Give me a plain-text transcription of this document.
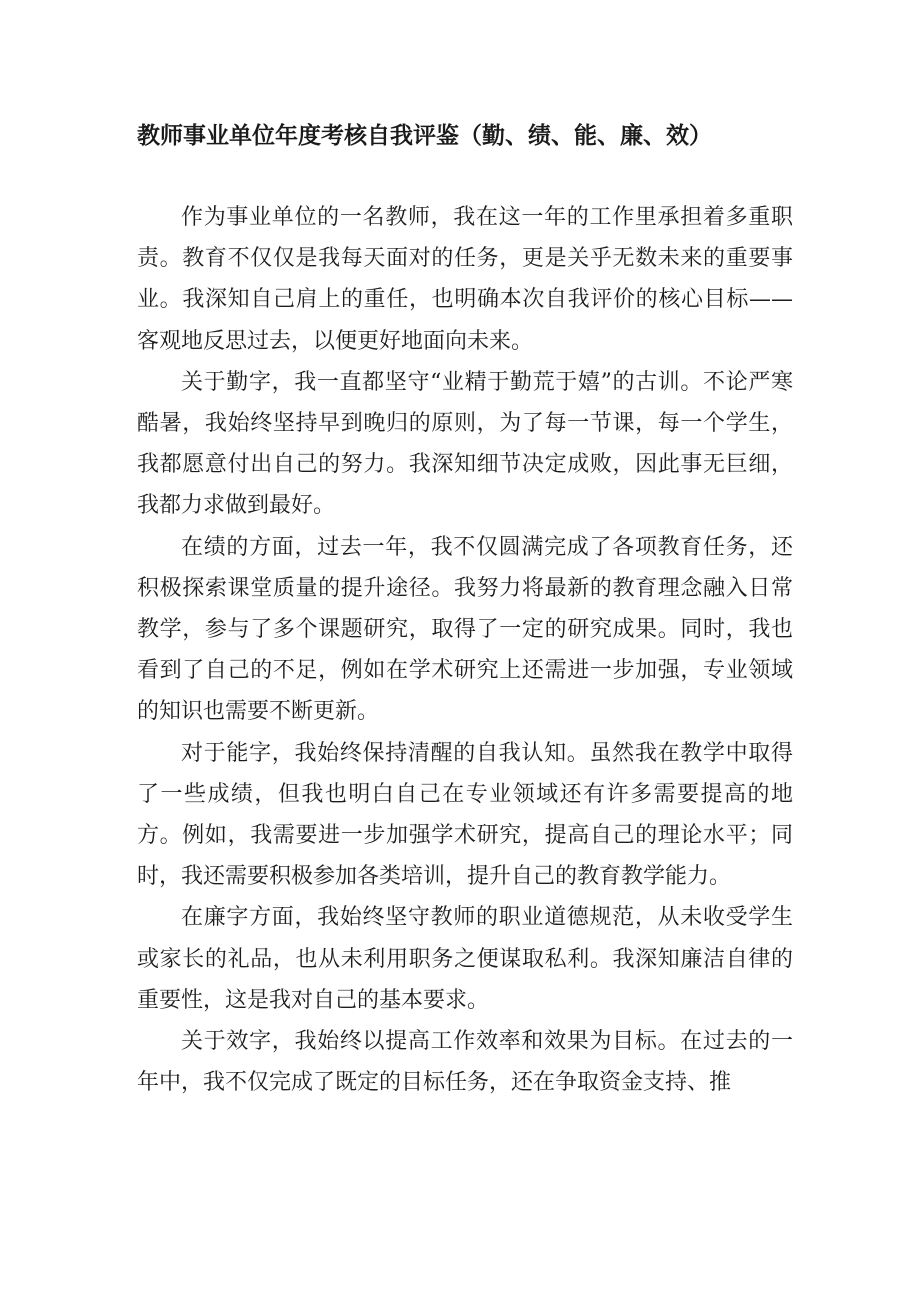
教师事业单位年度考核自我评鉴（勤、绩、能、廉、效）

作为事业单位的一名教师，我在这一年的工作里承担着多重职责。教育不仅仅是我每天面对的任务，更是关乎无数未来的重要事业。我深知自己肩上的重任，也明确本次自我评价的核心目标——客观地反思过去，以便更好地面向未来。

关于勤字，我一直都坚守“业精于勤荒于嬉”的古训。不论严寒酷暑，我始终坚持早到晚归的原则，为了每一节课，每一个学生，我都愿意付出自己的努力。我深知细节决定成败，因此事无巨细，我都力求做到最好。

在绩的方面，过去一年，我不仅圆满完成了各项教育任务，还积极探索课堂质量的提升途径。我努力将最新的教育理念融入日常教学，参与了多个课题研究，取得了一定的研究成果。同时，我也看到了自己的不足，例如在学术研究上还需进一步加强，专业领域的知识也需要不断更新。

对于能字，我始终保持清醒的自我认知。虽然我在教学中取得了一些成绩，但我也明白自己在专业领域还有许多需要提高的地方。例如，我需要进一步加强学术研究，提高自己的理论水平；同时，我还需要积极参加各类培训，提升自己的教育教学能力。

在廉字方面，我始终坚守教师的职业道德规范，从未收受学生或家长的礼品，也从未利用职务之便谋取私利。我深知廉洁自律的重要性，这是我对自己的基本要求。

关于效字，我始终以提高工作效率和效果为目标。在过去的一年中，我不仅完成了既定的目标任务，还在争取资金支持、推
